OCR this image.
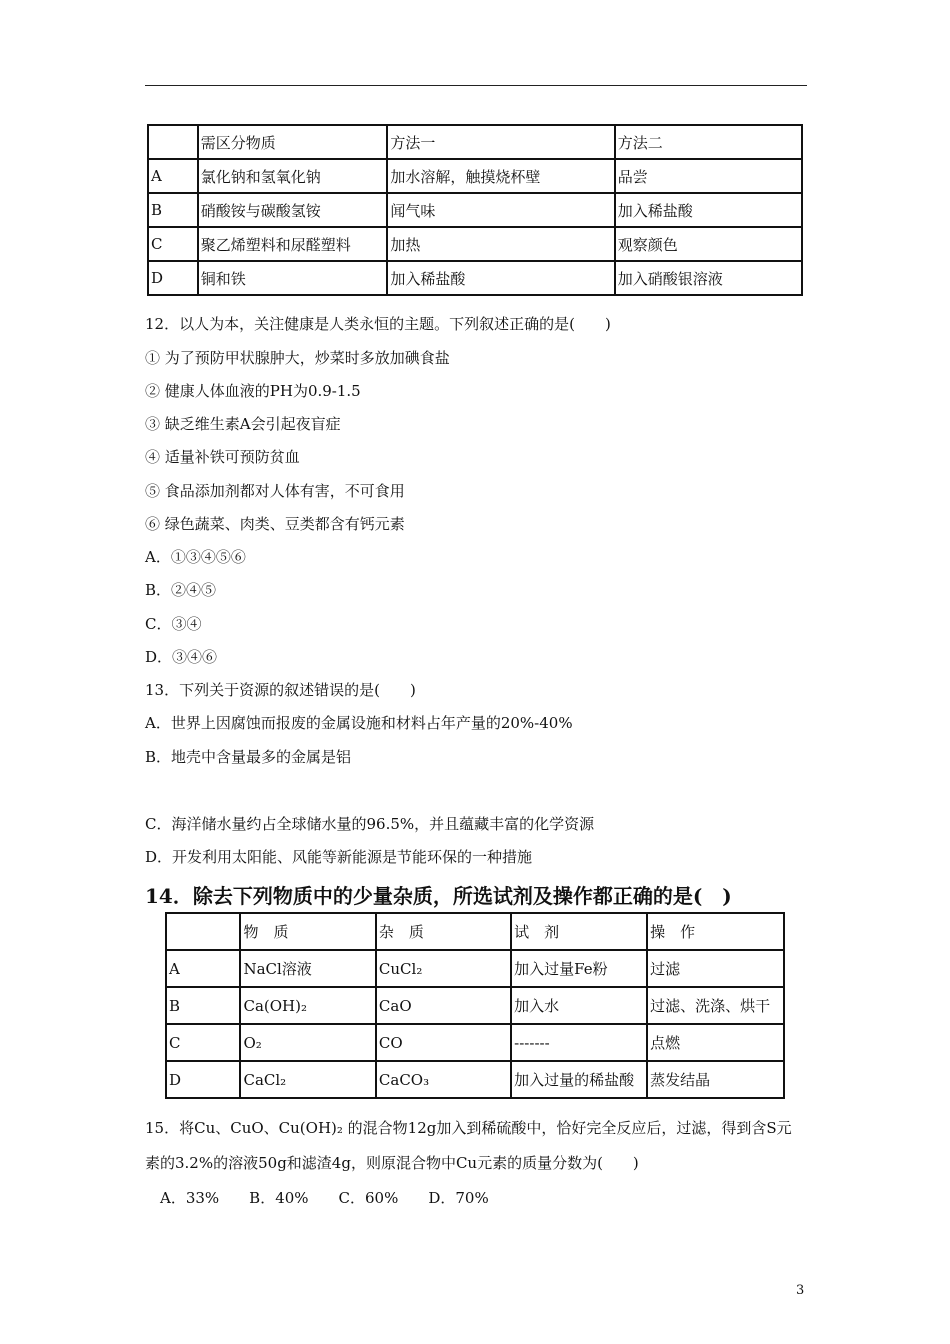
	需区分物质	方法一	方法二
A	氯化钠和氢氧化钠	加水溶解，触摸烧杯壁	品尝
B	硝酸铵与碳酸氢铵	闻气味	加入稀盐酸
C	聚乙烯塑料和尿醛塑料	加热	观察颜色
D	铜和铁	加入稀盐酸	加入硝酸银溶液
12．以人为本，关注健康是人类永恒的主题。下列叙述正确的是(　　)
① 为了预防甲状腺肿大，炒菜时多放加碘食盐
② 健康人体血液的PH为0.9-1.5
③ 缺乏维生素A会引起夜盲症
④ 适量补铁可预防贫血
⑤ 食品添加剂都对人体有害，不可食用
⑥ 绿色蔬菜、肉类、豆类都含有钙元素
A．①③④⑤⑥
B．②④⑤
C．③④
D．③④⑥
13．下列关于资源的叙述错误的是(　　)
A．世界上因腐蚀而报废的金属设施和材料占年产量的20%-40%
B．地壳中含量最多的金属是铝
C．海洋储水量约占全球储水量的96.5%，并且蕴藏丰富的化学资源
D．开发利用太阳能、风能等新能源是节能环保的一种措施
14．除去下列物质中的少量杂质，所选试剂及操作都正确的是(　)
	物　质	杂　质	试　剂	操　作
A	NaCl溶液	CuCl₂	加入过量Fe粉	过滤
B	Ca(OH)₂	CaO	加入水	过滤、洗涤、烘干
C	O₂	CO	-------	点燃
D	CaCl₂	CaCO₃	加入过量的稀盐酸	蒸发结晶
15．将Cu、CuO、Cu(OH)₂ 的混合物12g加入到稀硫酸中，恰好完全反应后，过滤，得到含S元
素的3.2%的溶液50g和滤渣4g，则原混合物中Cu元素的质量分数为(　　)
A．33%　　B．40%　　C．60%　　D．70%
3
